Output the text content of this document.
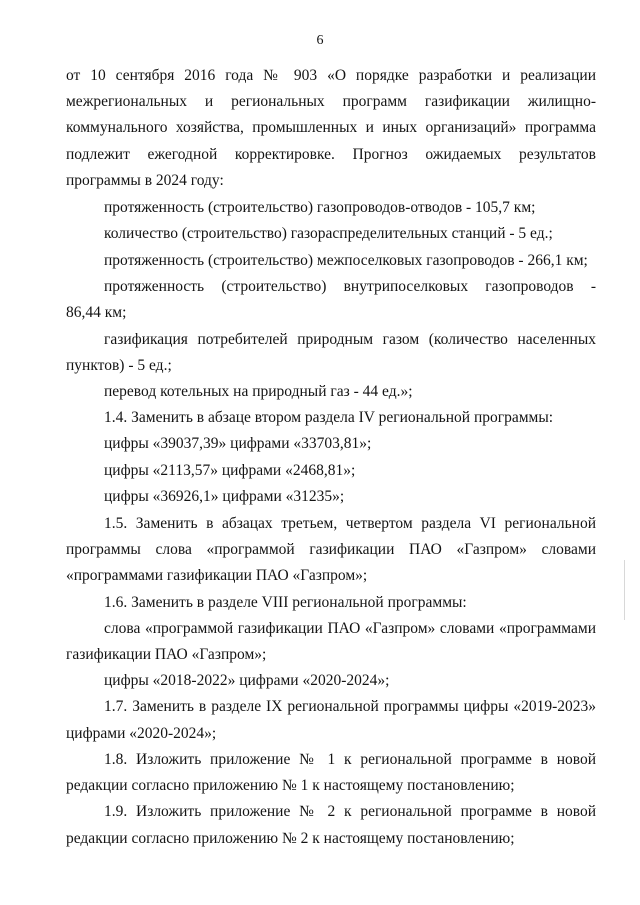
6
от 10 сентября 2016 года № 903 «О порядке разработки и реализации
межрегиональных и региональных программ газификации жилищно-
коммунального хозяйства, промышленных и иных организаций» программа
подлежит ежегодной корректировке. Прогноз ожидаемых результатов
программы в 2024 году:
протяженность (строительство) газопроводов-отводов - 105,7 км;
количество (строительство) газораспределительных станций - 5 ед.;
протяженность (строительство) межпоселковых газопроводов - 266,1 км;
протяженность (строительство) внутрипоселковых газопроводов -
86,44 км;
газификация потребителей природным газом (количество населенных
пунктов) - 5 ед.;
перевод котельных на природный газ - 44 ед.»;
1.4. Заменить в абзаце втором раздела IV региональной программы:
цифры «39037,39» цифрами «33703,81»;
цифры «2113,57» цифрами «2468,81»;
цифры «36926,1» цифрами «31235»;
1.5. Заменить в абзацах третьем, четвертом раздела VI региональной
программы слова «программой газификации ПАО «Газпром» словами
«программами газификации ПАО «Газпром»;
1.6. Заменить в разделе VIII региональной программы:
слова «программой газификации ПАО «Газпром» словами «программами
газификации ПАО «Газпром»;
цифры «2018-2022» цифрами «2020-2024»;
1.7. Заменить в разделе IX региональной программы цифры «2019-2023»
цифрами «2020-2024»;
1.8. Изложить приложение № 1 к региональной программе в новой
редакции согласно приложению № 1 к настоящему постановлению;
1.9. Изложить приложение № 2 к региональной программе в новой
редакции согласно приложению № 2 к настоящему постановлению;
